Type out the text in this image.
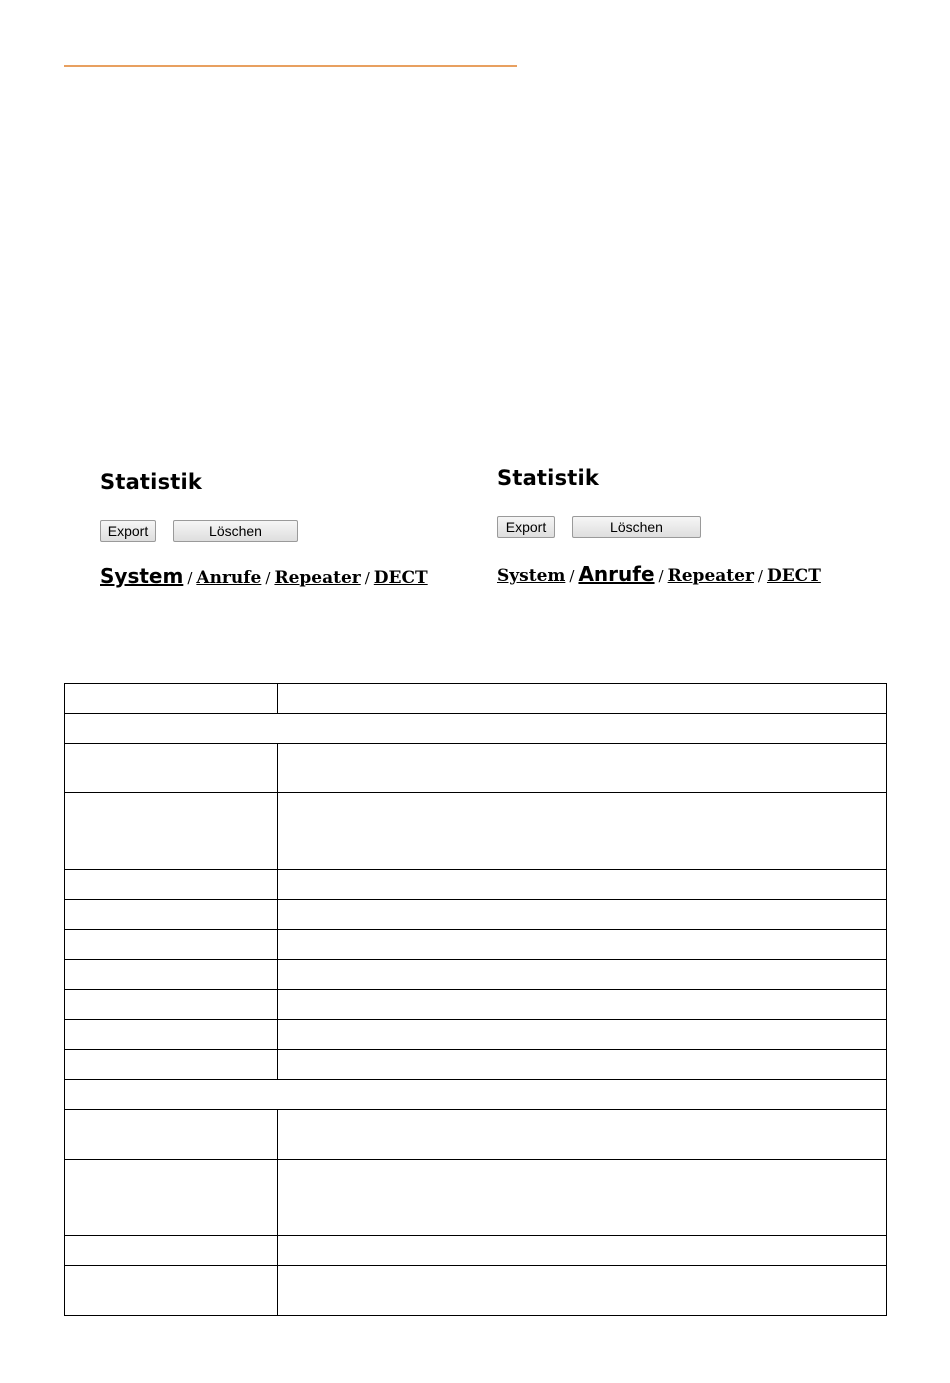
Statistik
Export	Löschen
System / Anrufe / Repeater / DECT
Statistik
Export	Löschen
System / Anrufe / Repeater / DECT
